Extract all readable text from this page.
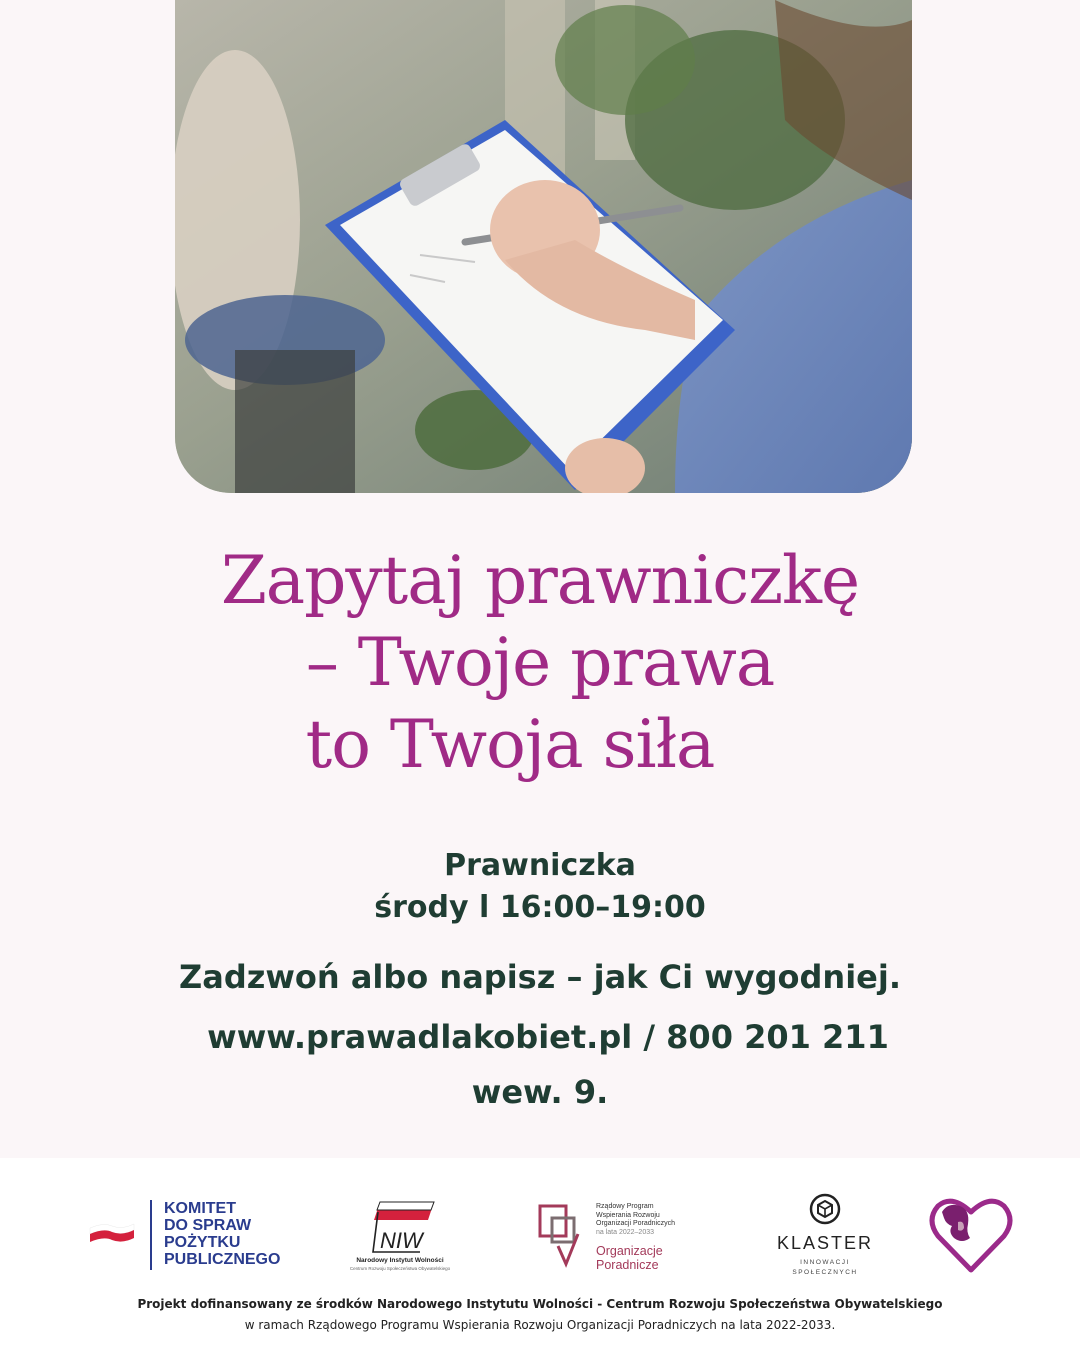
Zapytaj prawniczkę
– Twoje prawa
to Twoja siła
Prawniczka
środy l 16:00–19:00
Zadzwoń albo napisz – jak Ci wygodniej.
www.prawadlakobiet.pl / 800 201 211
wew. 9.
KOMITET
DO SPRAW
POŻYTKU
PUBLICZNEGO
NIW
Narodowy Instytut Wolności
Centrum Rozwoju Społeczeństwa Obywatelskiego
Rządowy Program
Wspierania Rozwoju
Organizacji Poradniczych
na lata 2022–2033
Organizacje
Poradnicze
KLASTER
INNOWACJI
SPOŁECZNYCH
Projekt dofinansowany ze środków Narodowego Instytutu Wolności - Centrum Rozwoju Społeczeństwa Obywatelskiego
w ramach Rządowego Programu Wspierania Rozwoju Organizacji Poradniczych na lata 2022-2033.
